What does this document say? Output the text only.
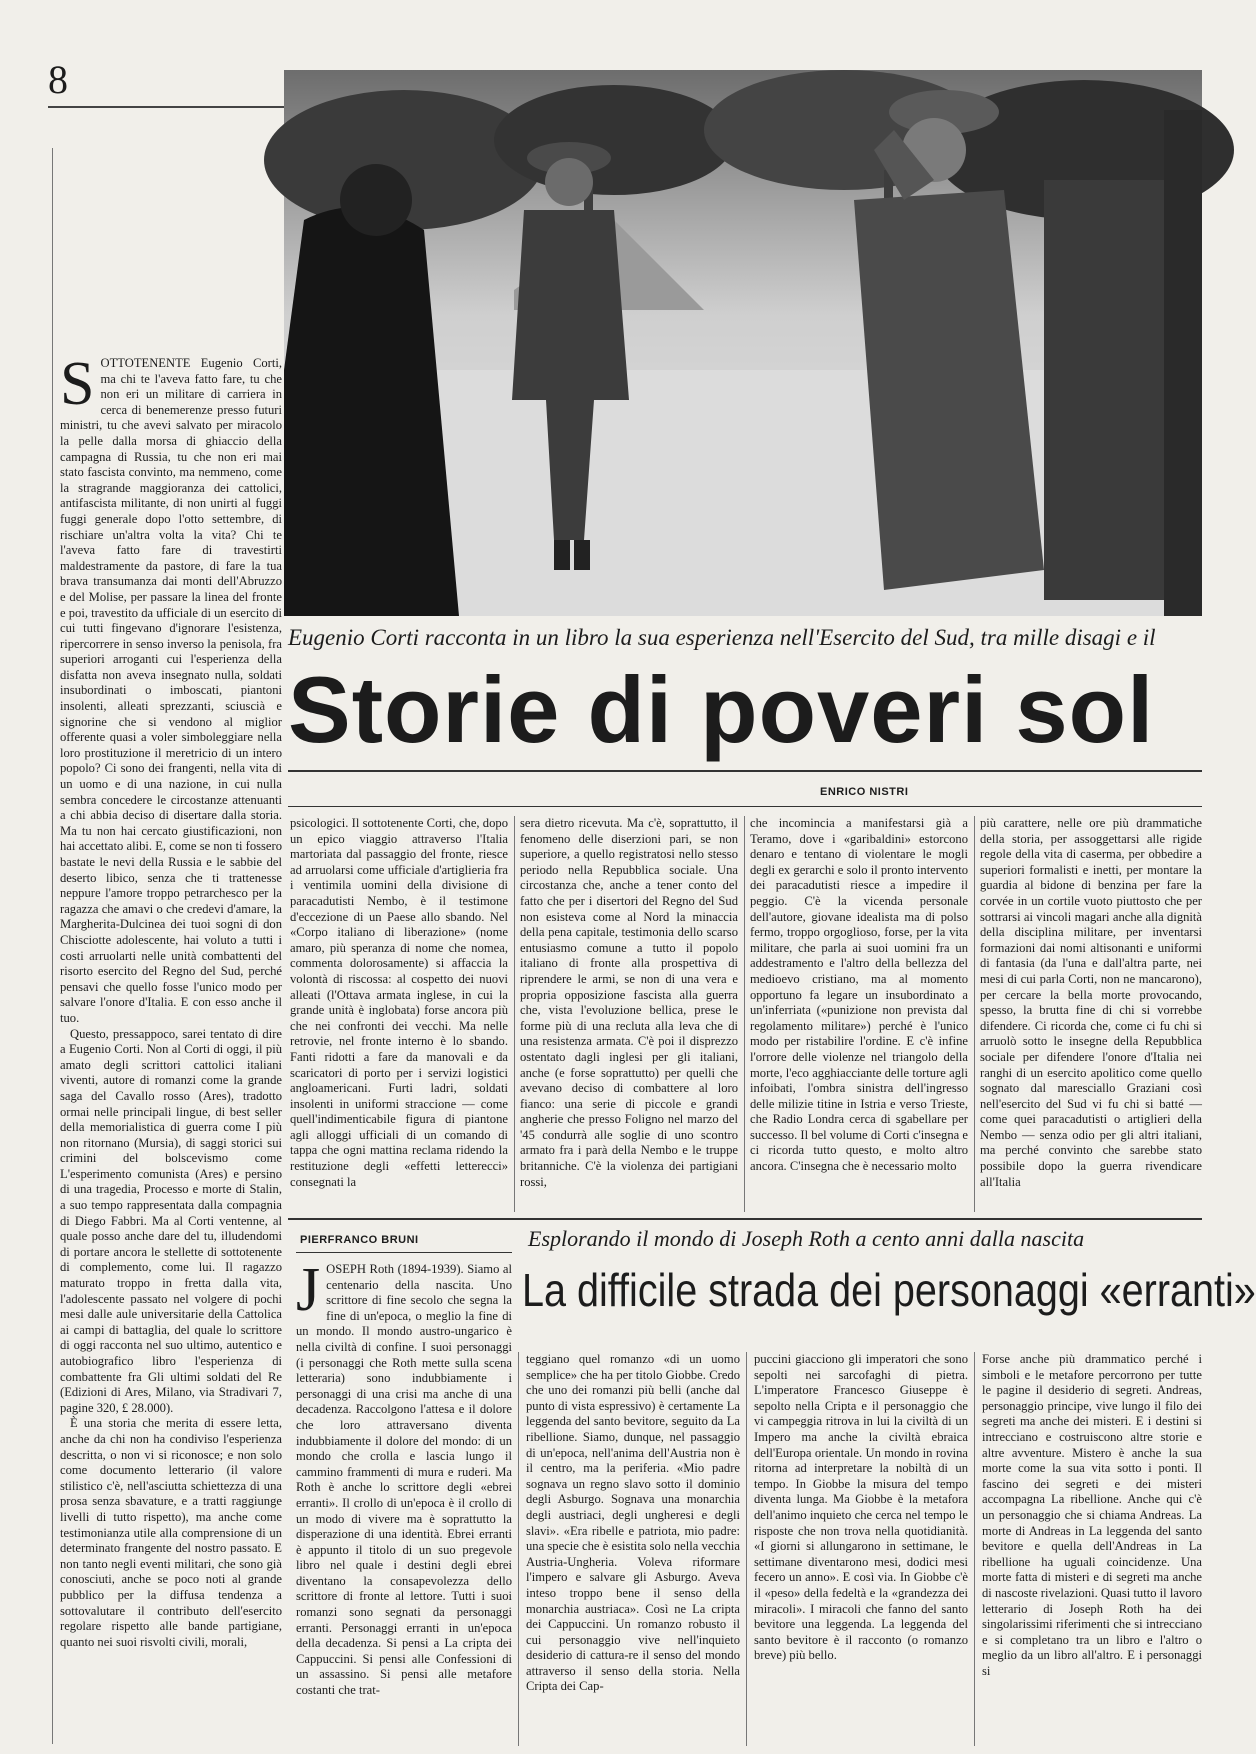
8
Eugenio Corti racconta in un libro la sua esperienza nell'Esercito del Sud, tra mille disagi e il
Storie di poveri sol
ENRICO NISTRI
S OTTOTENENTE Eugenio Corti, ma chi te l'aveva fatto fare, tu che non eri un militare di carriera in cerca di benemerenze presso futuri ministri, tu che avevi salvato per miracolo la pelle dalla morsa di ghiaccio della campagna di Russia, tu che non eri mai stato fascista convinto, ma nemmeno, come la stragrande maggioranza dei cattolici, antifascista militante, di non unirti al fuggi fuggi generale dopo l'otto settembre, di rischiare un'altra volta la vita? Chi te l'aveva fatto fare di travestirti maldestramente da pastore, di fare la tua brava transumanza dai monti dell'Abruzzo e del Molise, per passare la linea del fronte e poi, travestito da ufficiale di un esercito di cui tutti fingevano d'ignorare l'esistenza, ripercorrere in senso inverso la penisola, fra superiori arroganti cui l'esperienza della disfatta non aveva insegnato nulla, soldati insubordinati o imboscati, piantoni insolenti, alleati sprezzanti, sciuscià e signorine che si vendono al miglior offerente quasi a voler simboleggiare nella loro prostituzione il meretricio di un intero popolo? Ci sono dei frangenti, nella vita di un uomo e di una nazione, in cui nulla sembra concedere le circostanze attenuanti a chi abbia deciso di disertare dalla storia. Ma tu non hai cercato giustificazioni, non hai accettato alibi. E, come se non ti fossero bastate le nevi della Russia e le sabbie del deserto libico, senza che ti trattenesse neppure l'amore troppo petrarchesco per la ragazza che amavi o che credevi d'amare, la Margherita-Dulcinea dei tuoi sogni di don Chisciotte adolescente, hai voluto a tutti i costi arruolarti nelle unità combattenti del risorto esercito del Regno del Sud, perché pensavi che quello fosse l'unico modo per salvare l'onore d'Italia. E con esso anche il tuo.

Questo, pressappoco, sarei tentato di dire a Eugenio Corti. Non al Corti di oggi, il più amato degli scrittori cattolici italiani viventi, autore di romanzi come la grande saga del Cavallo rosso (Ares), tradotto ormai nelle principali lingue, di best seller della memorialistica di guerra come I più non ritornano (Mursia), di saggi storici sui crimini del bolscevismo come L'esperimento comunista (Ares) e persino di una tragedia, Processo e morte di Stalin, a suo tempo rappresentata dalla compagnia di Diego Fabbri. Ma al Corti ventenne, al quale posso anche dare del tu, illudendomi di portare ancora le stellette di sottotenente di complemento, come lui. Il ragazzo maturato troppo in fretta dalla vita, l'adolescente passato nel volgere di pochi mesi dalle aule universitarie della Cattolica ai campi di battaglia, del quale lo scrittore di oggi racconta nel suo ultimo, autentico e autobiografico libro l'esperienza di combattente fra Gli ultimi soldati del Re (Edizioni di Ares, Milano, via Stradivari 7, pagine 320, £ 28.000).

È una storia che merita di essere letta, anche da chi non ha condiviso l'esperienza descritta, o non vi si riconosce; e non solo come documento letterario (il valore stilistico c'è, nell'asciutta schiettezza di una prosa senza sbavature, e a tratti raggiunge livelli di tutto rispetto), ma anche come testimonianza utile alla comprensione di un determinato frangente del nostro passato. E non tanto negli eventi militari, che sono già conosciuti, anche se poco noti al grande pubblico per la diffusa tendenza a sottovalutare il contributo dell'esercito regolare rispetto alle bande partigiane, quanto nei suoi risvolti civili, morali,

psicologici. Il sottotenente Corti, che, dopo un epico viaggio attraverso l'Italia martoriata dal passaggio del fronte, riesce ad arruolarsi come ufficiale d'artiglieria fra i ventimila uomini della divisione di paracadutisti Nembo, è il testimone d'eccezione di un Paese allo sbando. Nel «Corpo italiano di liberazione» (nome amaro, più speranza di nome che nomea, commenta dolorosamente) si affaccia la volontà di riscossa: al cospetto dei nuovi alleati (l'Ottava armata inglese, in cui la grande unità è inglobata) forse ancora più che nei confronti dei vecchi. Ma nelle retrovie, nel fronte interno è lo sbando. Fanti ridotti a fare da manovali e da scaricatori di porto per i servizi logistici angloamericani. Furti ladri, soldati insolenti in uniformi straccione — come quell'indimenticabile figura di piantone agli alloggi ufficiali di un comando di tappa che ogni mattina reclama ridendo la restituzione degli «effetti letterecci» consegnati la
sera dietro ricevuta. Ma c'è, soprattutto, il fenomeno delle diserzioni pari, se non superiore, a quello registratosi nello stesso periodo nella Repubblica sociale. Una circostanza che, anche a tener conto del fatto che per i disertori del Regno del Sud non esisteva come al Nord la minaccia della pena capitale, testimonia dello scarso entusiasmo comune a tutto il popolo italiano di fronte alla prospettiva di riprendere le armi, se non di una vera e propria opposizione fascista alla guerra che, vista l'evoluzione bellica, prese le forme più di una recluta alla leva che di una resistenza armata. C'è poi il disprezzo ostentato dagli inglesi per gli italiani, anche (e forse soprattutto) per quelli che avevano deciso di combattere al loro fianco: una serie di piccole e grandi angherie che presso Foligno nel marzo del '45 condurrà alle soglie di uno scontro armato fra i parà della Nembo e le truppe britanniche. C'è la violenza dei partigiani rossi,
che incomincia a manifestarsi già a Teramo, dove i «garibaldini» estorcono denaro e tentano di violentare le mogli degli ex gerarchi e solo il pronto intervento dei paracadutisti riesce a impedire il peggio. C'è la vicenda personale dell'autore, giovane idealista ma di polso fermo, troppo orgoglioso, forse, per la vita militare, che parla ai suoi uomini fra un addestramento e l'altro della bellezza del medioevo cristiano, ma al momento opportuno fa legare un insubordinato a un'inferriata («punizione non prevista dal regolamento militare») perché è l'unico modo per ristabilire l'ordine. E c'è infine l'orrore delle violenze nel triangolo della morte, l'eco agghiacciante delle torture agli infoibati, l'ombra sinistra dell'ingresso delle milizie titine in Istria e verso Trieste, che Radio Londra cerca di sgabellare per successo. Il bel volume di Corti c'insegna e ci ricorda tutto questo, e molto altro ancora. C'insegna che è necessario molto
più carattere, nelle ore più drammatiche della storia, per assoggettarsi alle rigide regole della vita di caserma, per obbedire a superiori formalisti e inetti, per montare la guardia al bidone di benzina per fare la corvée in un cortile vuoto piuttosto che per sottrarsi ai vincoli magari anche alla dignità della disciplina militare, per inventarsi formazioni dai nomi altisonanti e uniformi di fantasia (da l'una e dall'altra parte, nei mesi di cui parla Corti, non ne mancarono), per cercare la bella morte provocando, spesso, la brutta fine di chi si vorrebbe difendere. Ci ricorda che, come ci fu chi si arruolò sotto le insegne della Repubblica sociale per difendere l'onore d'Italia nei ranghi di un esercito apolitico come quello sognato dal maresciallo Graziani così nell'esercito del Sud vi fu chi si batté — come quei paracadutisti o artiglieri della Nembo — senza odio per gli altri italiani, ma perché convinto che sarebbe stato possibile dopo la guerra rivendicare all'Italia
PIERFRANCO BRUNI	Esplorando il mondo di Joseph Roth a cento anni dalla nascita
La difficile strada dei personaggi «erranti»
J OSEPH Roth (1894-1939). Siamo al centenario della nascita. Uno scrittore di fine secolo che segna la fine di un'epoca, o meglio la fine di un mondo. Il mondo austro-ungarico è nella civiltà di confine. I suoi personaggi (i personaggi che Roth mette sulla scena letteraria) sono indubbiamente i personaggi di una crisi ma anche di una decadenza. Raccolgono l'attesa e il dolore che loro attraversano diventa indubbiamente il dolore del mondo: di un mondo che crolla e lascia lungo il cammino frammenti di mura e ruderi. Ma Roth è anche lo scrittore degli «ebrei erranti». Il crollo di un'epoca è il crollo di un modo di vivere ma è soprattutto la disperazione di una identità. Ebrei erranti è appunto il titolo di un suo pregevole libro nel quale i destini degli ebrei diventano la consapevolezza dello scrittore di fronte al lettore. Tutti i suoi romanzi sono segnati da personaggi erranti. Personaggi erranti in un'epoca della decadenza. Si pensi a La cripta dei Cappuccini. Si pensi alle Confessioni di un assassino. Si pensi alle metafore costanti che trat-

teggiano quel romanzo «di un uomo semplice» che ha per titolo Giobbe. Credo che uno dei romanzi più belli (anche dal punto di vista espressivo) è certamente La leggenda del santo bevitore, seguito da La ribellione. Siamo, dunque, nel passaggio di un'epoca, nell'anima dell'Austria non è il centro, ma la periferia. «Mio padre sognava un regno slavo sotto il dominio degli Asburgo. Sognava una monarchia degli austriaci, degli ungheresi e degli slavi». «Era ribelle e patriota, mio padre: una specie che è esistita solo nella vecchia Austria-Ungheria. Voleva riformare l'impero e salvare gli Asburgo. Aveva inteso troppo bene il senso della monarchia austriaca». Così ne La cripta dei Cappuccini. Un romanzo robusto il cui personaggio vive nell'inquieto desiderio di cattura-re il senso del mondo attraverso il senso della storia. Nella Cripta dei Cap-
puccini giacciono gli imperatori che sono sepolti nei sarcofaghi di pietra. L'imperatore Francesco Giuseppe è sepolto nella Cripta e il personaggio che vi campeggia ritrova in lui la civiltà di un Impero ma anche la civiltà ebraica dell'Europa orientale. Un mondo in rovina ritorna ad interpretare la nobiltà di un tempo. In Giobbe la misura del tempo diventa lunga. Ma Giobbe è la metafora dell'animo inquieto che cerca nel tempo le risposte che non trova nella quotidianità. «I giorni si allungarono in settimane, le settimane diventarono mesi, dodici mesi fecero un anno». E così via. In Giobbe c'è il «peso» della fedeltà e la «grandezza dei miracoli». I miracoli che fanno del santo bevitore una leggenda. La leggenda del santo bevitore è il racconto (o romanzo breve) più bello.
Forse anche più drammatico perché i simboli e le metafore percorrono per tutte le pagine il desiderio di segreti. Andreas, personaggio principe, vive lungo il filo dei segreti ma anche dei misteri. E i destini si intrecciano e costruiscono altre storie e altre avventure. Mistero è anche la sua morte come la sua vita sotto i ponti. Il fascino dei segreti e dei misteri accompagna La ribellione. Anche qui c'è un personaggio che si chiama Andreas. La morte di Andreas in La leggenda del santo bevitore e quella dell'Andreas in La ribellione ha uguali coincidenze. Una morte fatta di misteri e di segreti ma anche di nascoste rivelazioni. Quasi tutto il lavoro letterario di Joseph Roth ha dei singolarissimi riferimenti che si intrecciano e si completano tra un libro e l'altro o meglio da un libro all'altro. E i personaggi si
